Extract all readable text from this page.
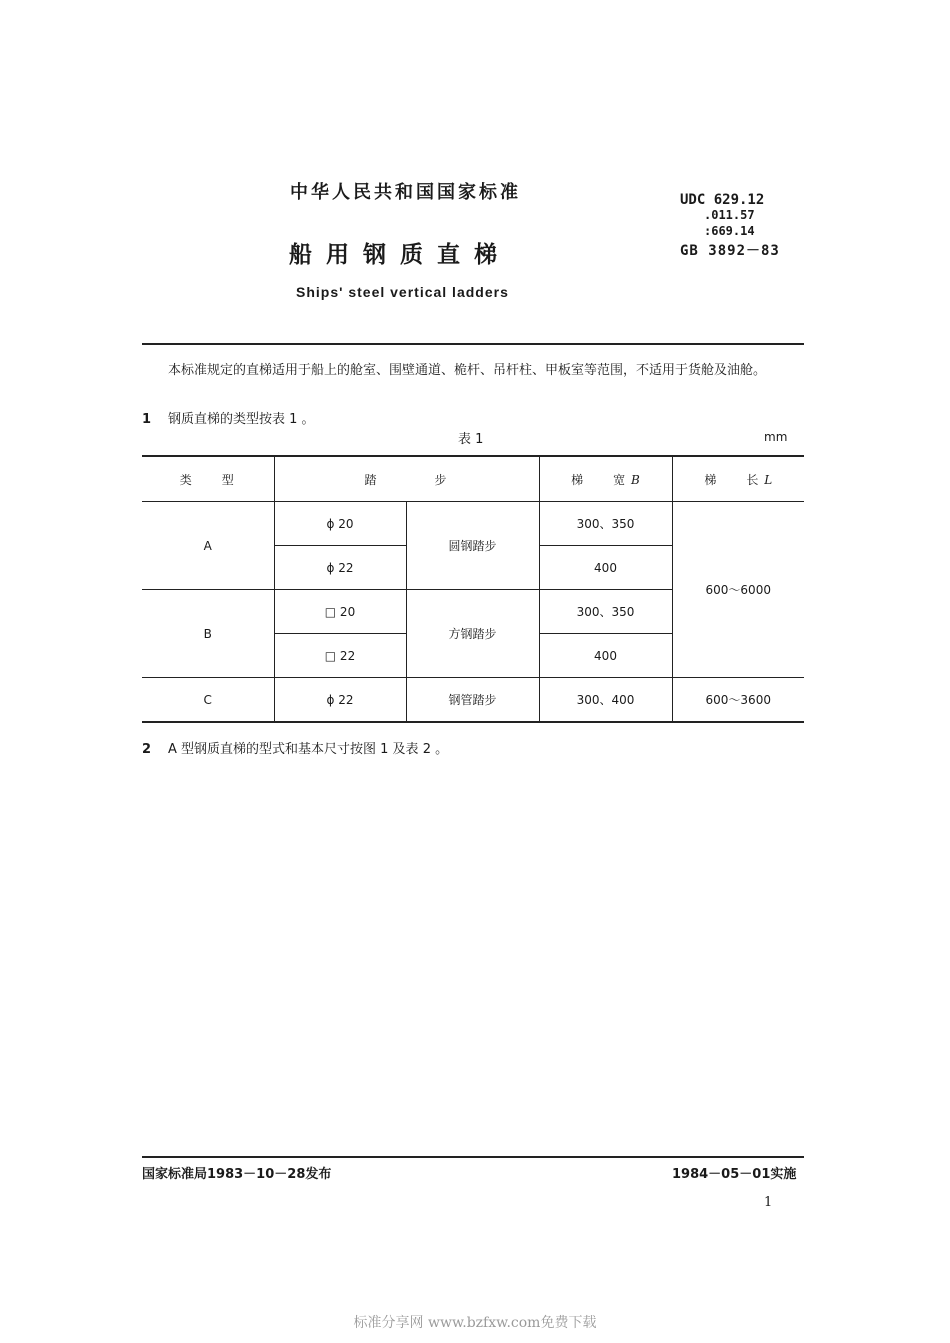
中华人民共和国国家标准
船用钢质直梯
Ships' steel vertical ladders
UDC 629.12
.011.57
:669.14
GB 3892－83
本标准规定的直梯适用于船上的舱室、围壁通道、桅杆、吊杆柱、甲板室等范围，不适用于货舱及油舱。
1 钢质直梯的类型按表 1 。
表 1	mm
类　　型	踏　　　　步		梯　　宽 B	梯　　长 L
A	ϕ 20	圆钢踏步	300、350	600～6000
	ϕ 22		400	
B	□ 20	方钢踏步	300、350	
	□ 22		400	
C	ϕ 22	钢管踏步	300、400	600～3600
2 A 型钢质直梯的型式和基本尺寸按图 1 及表 2 。
国家标准局1983－10－28发布	1984－05－01实施
1
标准分享网 www.bzfxw.com免费下载
